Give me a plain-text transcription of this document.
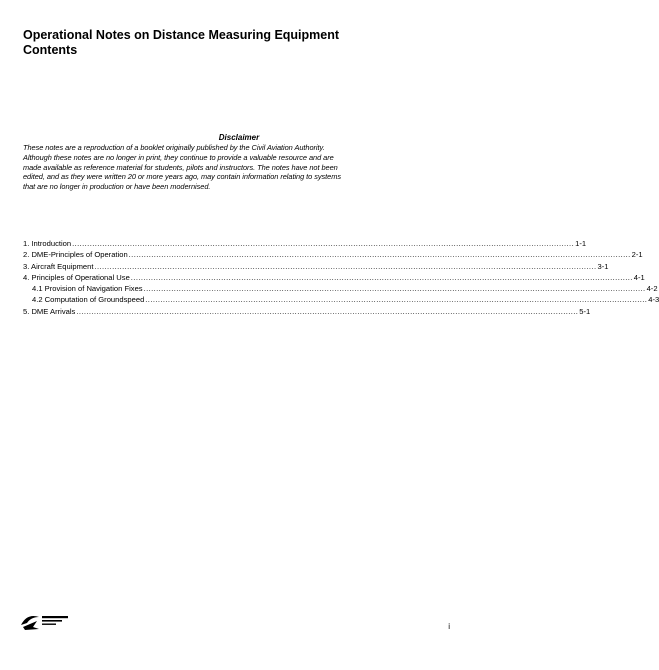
Operational Notes on Distance Measuring Equipment
Contents
Disclaimer
These notes are a reproduction of a booklet originally published by the Civil Aviation Authority.
Although these notes are no longer in print, they continue to provide a valuable resource and are
made available as reference material for students, pilots and instructors. The notes have not been
edited, and as they were written 20 or more years ago, may contain information relating to systems
that are no longer in production or have been modernised.
1. Introduction ........................................................................................................................................................................................................ 1-1
2. DME-Principles of Operation ........................................................................................................................................................................................................ 2-1
3. Aircraft Equipment ........................................................................................................................................................................................................ 3-1
4. Principles of Operational Use ........................................................................................................................................................................................................ 4-1
4.1 Provision of Navigation Fixes ........................................................................................................................................................................................................ 4-2
4.2 Computation of Groundspeed ........................................................................................................................................................................................................ 4-3
5. DME Arrivals ........................................................................................................................................................................................................ 5-1
i
